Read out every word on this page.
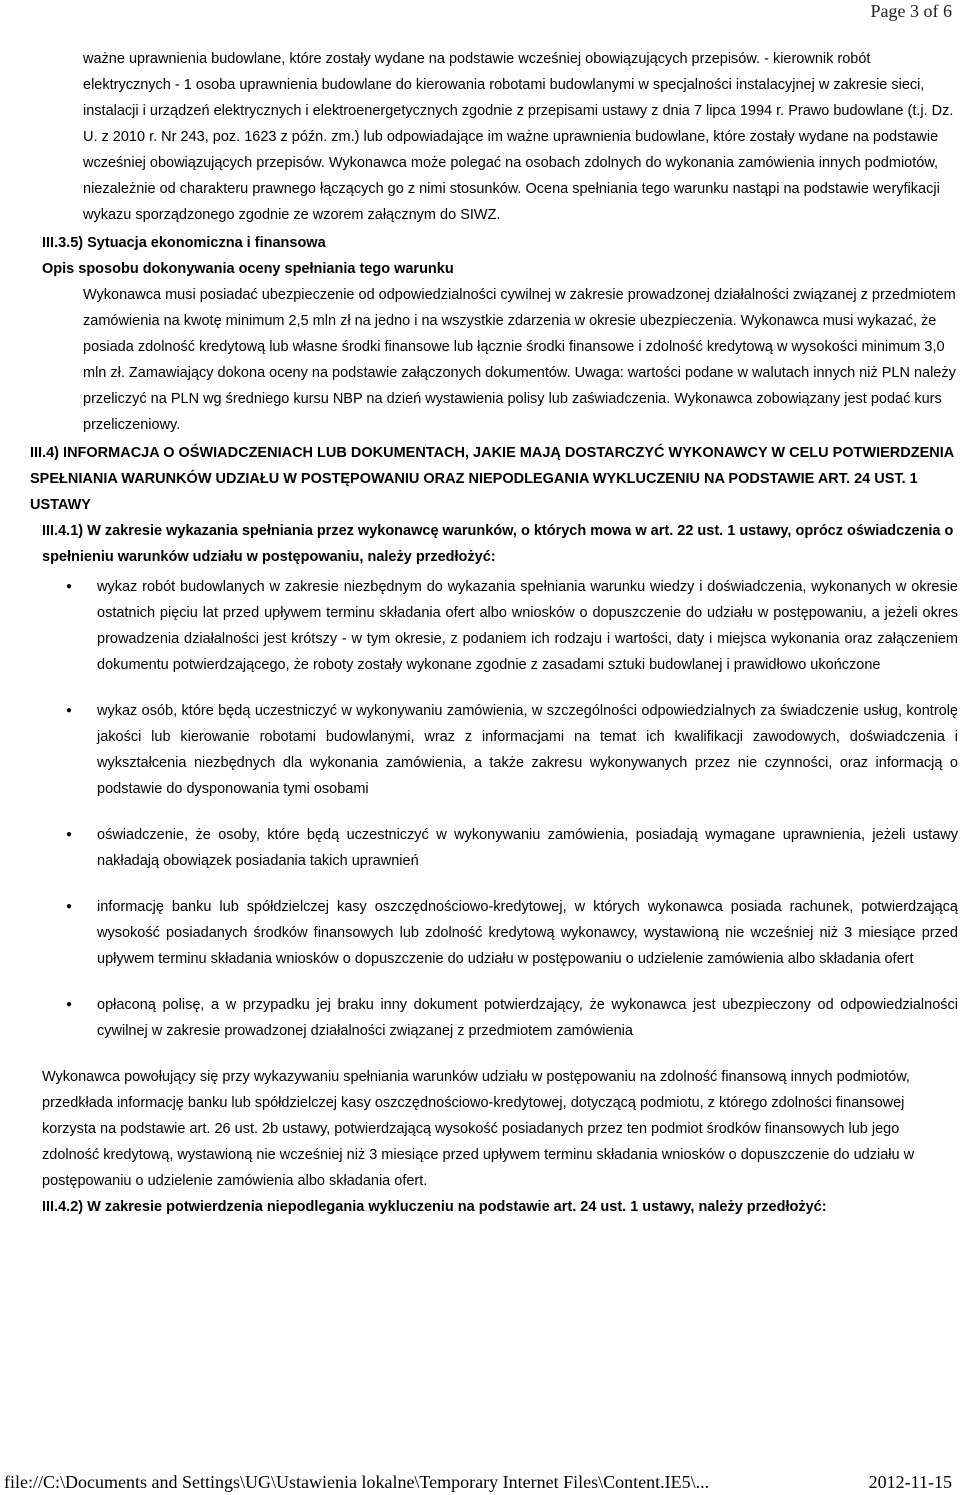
Page 3 of 6

ważne uprawnienia budowlane, które zostały wydane na podstawie wcześniej obowiązujących przepisów. - kierownik robót elektrycznych - 1 osoba uprawnienia budowlane do kierowania robotami budowlanymi w specjalności instalacyjnej w zakresie sieci, instalacji i urządzeń elektrycznych i elektroenergetycznych zgodnie z przepisami ustawy z dnia 7 lipca 1994 r. Prawo budowlane (t.j. Dz. U. z 2010 r. Nr 243, poz. 1623 z późn. zm.) lub odpowiadające im ważne uprawnienia budowlane, które zostały wydane na podstawie wcześniej obowiązujących przepisów. Wykonawca może polegać na osobach zdolnych do wykonania zamówienia innych podmiotów, niezależnie od charakteru prawnego łączących go z nimi stosunków. Ocena spełniania tego warunku nastąpi na podstawie weryfikacji wykazu sporządzonego zgodnie ze wzorem załącznym do SIWZ.

III.3.5) Sytuacja ekonomiczna i finansowa

Opis sposobu dokonywania oceny spełniania tego warunku

Wykonawca musi posiadać ubezpieczenie od odpowiedzialności cywilnej w zakresie prowadzonej działalności związanej z przedmiotem zamówienia na kwotę minimum 2,5 mln zł na jedno i na wszystkie zdarzenia w okresie ubezpieczenia. Wykonawca musi wykazać, że posiada zdolność kredytową lub własne środki finansowe lub łącznie środki finansowe i zdolność kredytową w wysokości minimum 3,0 mln zł. Zamawiający dokona oceny na podstawie załączonych dokumentów. Uwaga: wartości podane w walutach innych niż PLN należy przeliczyć na PLN wg średniego kursu NBP na dzień wystawienia polisy lub zaświadczenia. Wykonawca zobowiązany jest podać kurs przeliczeniowy.

III.4) INFORMACJA O OŚWIADCZENIACH LUB DOKUMENTACH, JAKIE MAJĄ DOSTARCZYĆ WYKONAWCY W CELU POTWIERDZENIA SPEŁNIANIA WARUNKÓW UDZIAŁU W POSTĘPOWANIU ORAZ NIEPODLEGANIA WYKLUCZENIU NA PODSTAWIE ART. 24 UST. 1 USTAWY

III.4.1) W zakresie wykazania spełniania przez wykonawcę warunków, o których mowa w art. 22 ust. 1 ustawy, oprócz oświadczenia o spełnieniu warunków udziału w postępowaniu, należy przedłożyć:

● wykaz robót budowlanych w zakresie niezbędnym do wykazania spełniania warunku wiedzy i doświadczenia, wykonanych w okresie ostatnich pięciu lat przed upływem terminu składania ofert albo wniosków o dopuszczenie do udziału w postępowaniu, a jeżeli okres prowadzenia działalności jest krótszy - w tym okresie, z podaniem ich rodzaju i wartości, daty i miejsca wykonania oraz załączeniem dokumentu potwierdzającego, że roboty zostały wykonane zgodnie z zasadami sztuki budowlanej i prawidłowo ukończone
● wykaz osób, które będą uczestniczyć w wykonywaniu zamówienia, w szczególności odpowiedzialnych za świadczenie usług, kontrolę jakości lub kierowanie robotami budowlanymi, wraz z informacjami na temat ich kwalifikacji zawodowych, doświadczenia i wykształcenia niezbędnych dla wykonania zamówienia, a także zakresu wykonywanych przez nie czynności, oraz informacją o podstawie do dysponowania tymi osobami
● oświadczenie, że osoby, które będą uczestniczyć w wykonywaniu zamówienia, posiadają wymagane uprawnienia, jeżeli ustawy nakładają obowiązek posiadania takich uprawnień
● informację banku lub spółdzielczej kasy oszczędnościowo-kredytowej, w których wykonawca posiada rachunek, potwierdzającą wysokość posiadanych środków finansowych lub zdolność kredytową wykonawcy, wystawioną nie wcześniej niż 3 miesiące przed upływem terminu składania wniosków o dopuszczenie do udziału w postępowaniu o udzielenie zamówienia albo składania ofert
● opłaconą polisę, a w przypadku jej braku inny dokument potwierdzający, że wykonawca jest ubezpieczony od odpowiedzialności cywilnej w zakresie prowadzonej działalności związanej z przedmiotem zamówienia

Wykonawca powołujący się przy wykazywaniu spełniania warunków udziału w postępowaniu na zdolność finansową innych podmiotów, przedkłada informację banku lub spółdzielczej kasy oszczędnościowo-kredytowej, dotyczącą podmiotu, z którego zdolności finansowej korzysta na podstawie art. 26 ust. 2b ustawy, potwierdzającą wysokość posiadanych przez ten podmiot środków finansowych lub jego zdolność kredytową, wystawioną nie wcześniej niż 3 miesiące przed upływem terminu składania wniosków o dopuszczenie do udziału w postępowaniu o udzielenie zamówienia albo składania ofert.

III.4.2) W zakresie potwierdzenia niepodlegania wykluczeniu na podstawie art. 24 ust. 1 ustawy, należy przedłożyć:

file://C:\Documents and Settings\UG\Ustawienia lokalne\Temporary Internet Files\Content.IE5\...	2012-11-15
